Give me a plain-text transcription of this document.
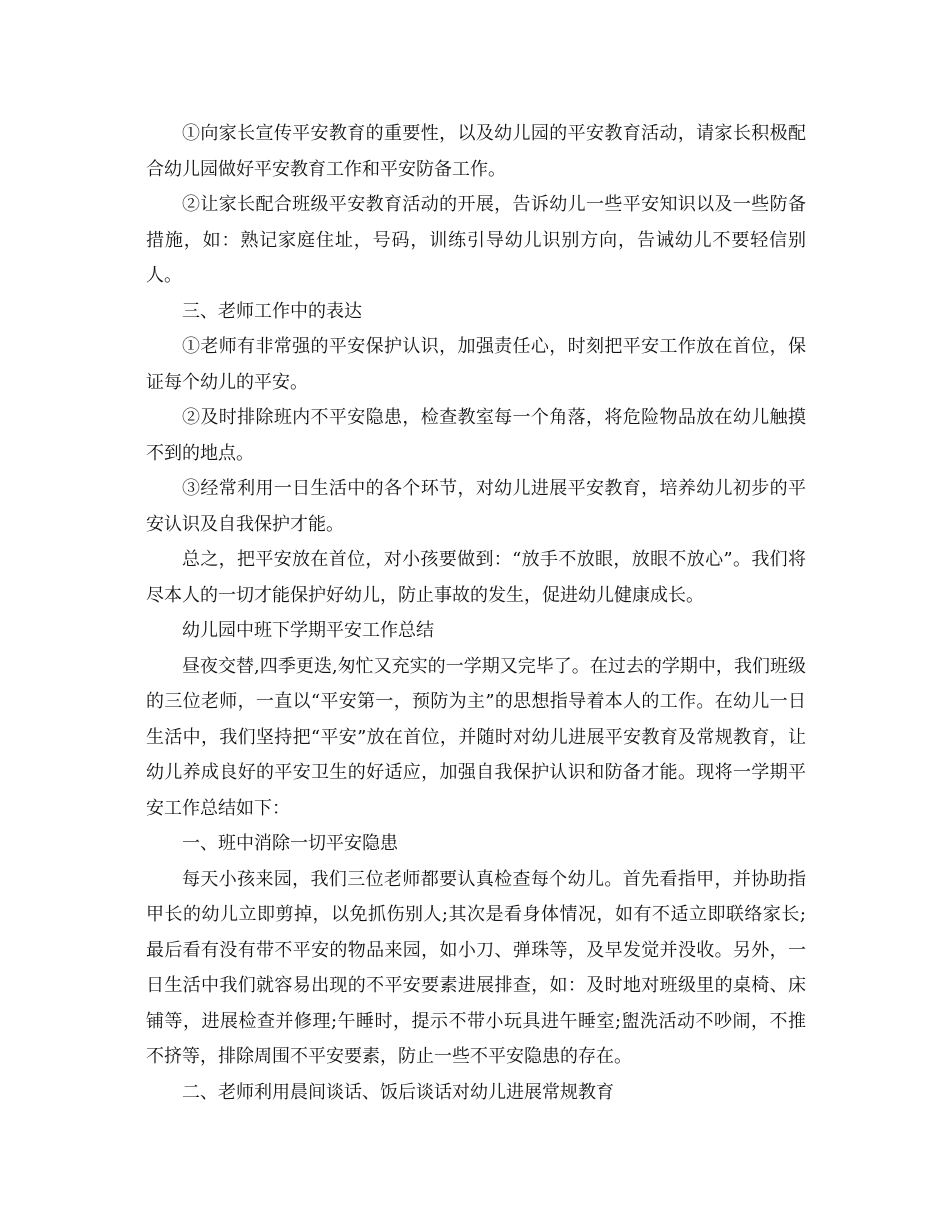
①向家长宣传平安教育的重要性，以及幼儿园的平安教育活动，请家长积极配合幼儿园做好平安教育工作和平安防备工作。

②让家长配合班级平安教育活动的开展，告诉幼儿一些平安知识以及一些防备措施，如：熟记家庭住址，号码，训练引导幼儿识别方向，告诫幼儿不要轻信别人。

三、老师工作中的表达

①老师有非常强的平安保护认识，加强责任心，时刻把平安工作放在首位，保证每个幼儿的平安。

②及时排除班内不平安隐患，检查教室每一个角落，将危险物品放在幼儿触摸不到的地点。

③经常利用一日生活中的各个环节，对幼儿进展平安教育，培养幼儿初步的平安认识及自我保护才能。

总之，把平安放在首位，对小孩要做到：“放手不放眼，放眼不放心”。我们将尽本人的一切才能保护好幼儿，防止事故的发生，促进幼儿健康成长。

幼儿园中班下学期平安工作总结

昼夜交替,四季更迭,匆忙又充实的一学期又完毕了。在过去的学期中，我们班级的三位老师，一直以“平安第一，预防为主”的思想指导着本人的工作。在幼儿一日生活中，我们坚持把“平安”放在首位，并随时对幼儿进展平安教育及常规教育，让幼儿养成良好的平安卫生的好适应，加强自我保护认识和防备才能。现将一学期平安工作总结如下：

一、班中消除一切平安隐患

每天小孩来园，我们三位老师都要认真检查每个幼儿。首先看指甲，并协助指甲长的幼儿立即剪掉，以免抓伤别人;其次是看身体情况，如有不适立即联络家长;最后看有没有带不平安的物品来园，如小刀、弹珠等，及早发觉并没收。另外，一日生活中我们就容易出现的不平安要素进展排查，如：及时地对班级里的桌椅、床铺等，进展检查并修理;午睡时，提示不带小玩具进午睡室;盥洗活动不吵闹，不推不挤等，排除周围不平安要素，防止一些不平安隐患的存在。

二、老师利用晨间谈话、饭后谈话对幼儿进展常规教育
